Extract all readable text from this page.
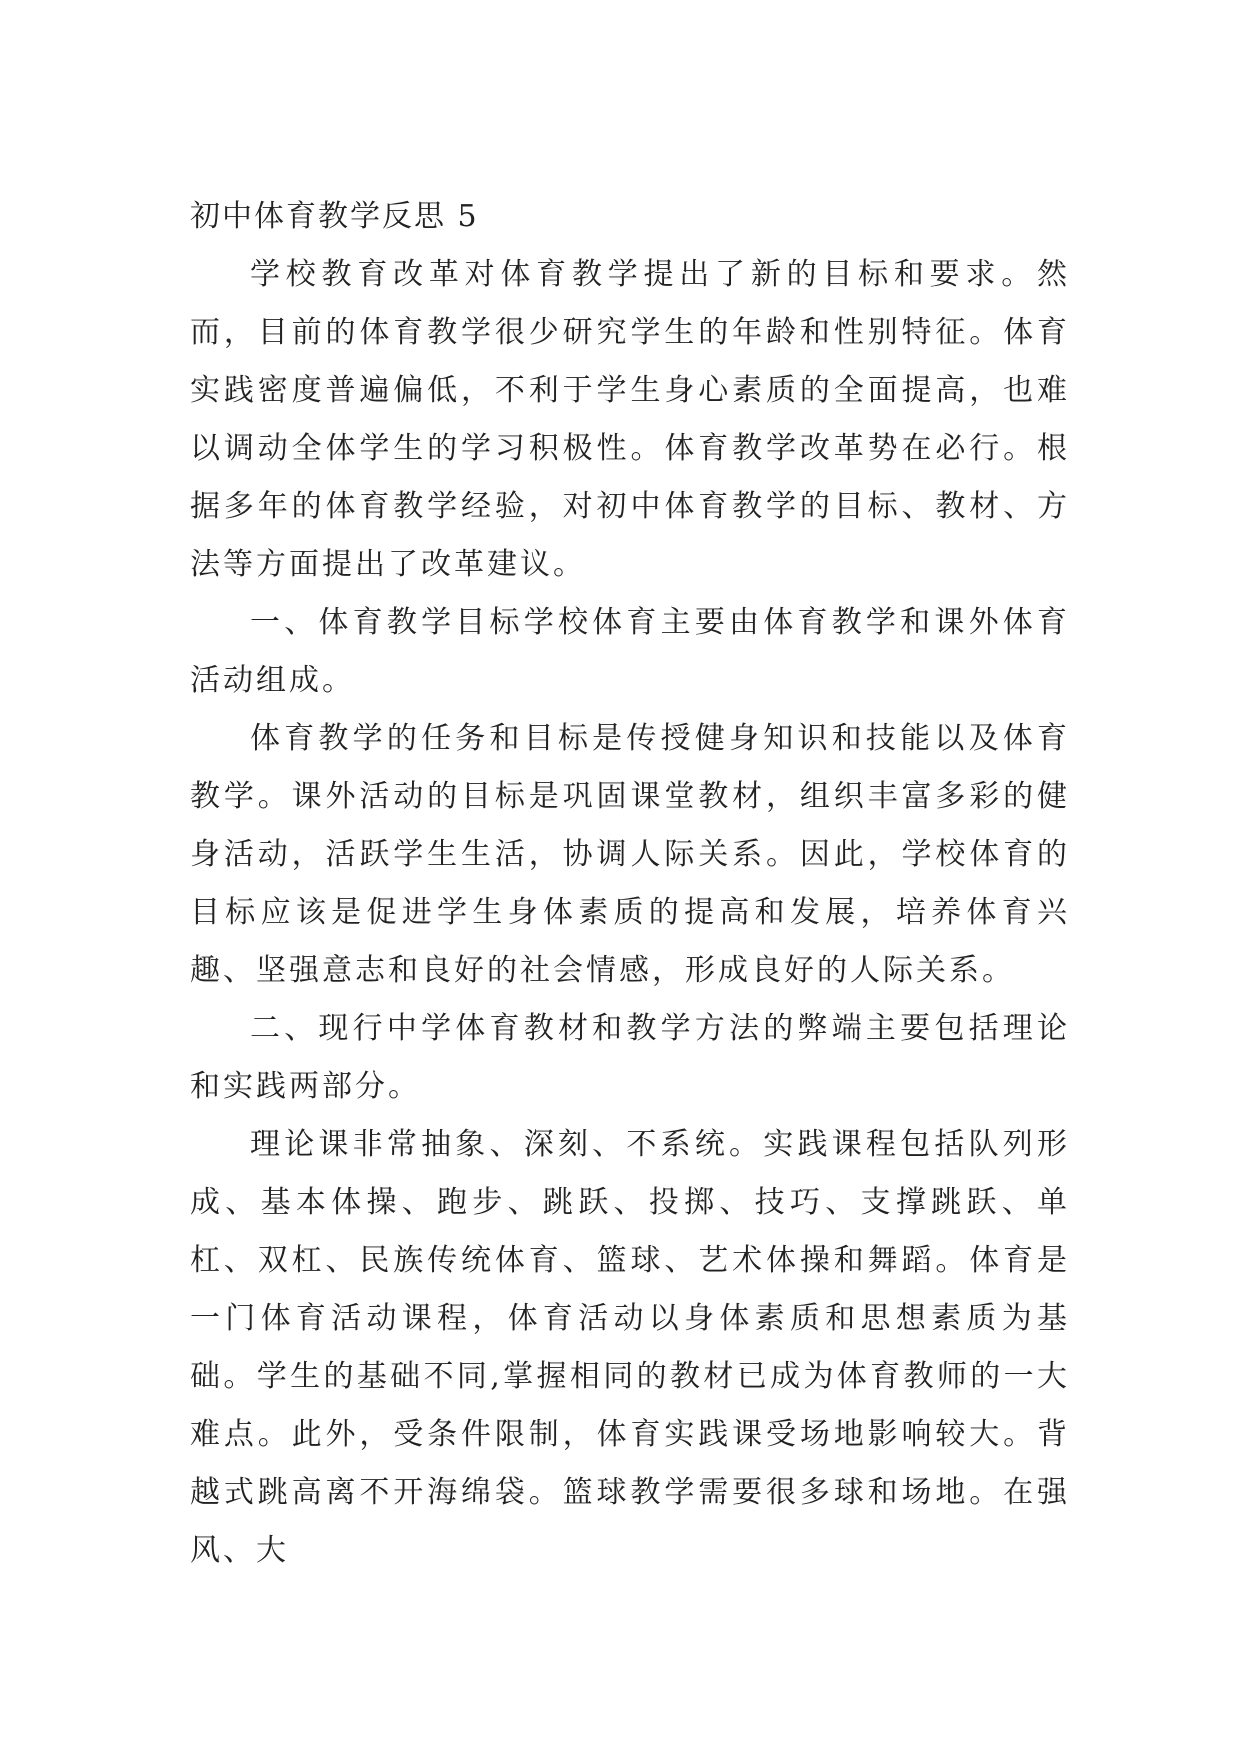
初中体育教学反思 5

学校教育改革对体育教学提出了新的目标和要求。然而，目前的体育教学很少研究学生的年龄和性别特征。体育实践密度普遍偏低，不利于学生身心素质的全面提高，也难以调动全体学生的学习积极性。体育教学改革势在必行。根据多年的体育教学经验，对初中体育教学的目标、教材、方法等方面提出了改革建议。

一、体育教学目标学校体育主要由体育教学和课外体育活动组成。

体育教学的任务和目标是传授健身知识和技能以及体育教学。课外活动的目标是巩固课堂教材，组织丰富多彩的健身活动，活跃学生生活，协调人际关系。因此，学校体育的目标应该是促进学生身体素质的提高和发展，培养体育兴趣、坚强意志和良好的社会情感，形成良好的人际关系。

二、现行中学体育教材和教学方法的弊端主要包括理论和实践两部分。

理论课非常抽象、深刻、不系统。实践课程包括队列形成、基本体操、跑步、跳跃、投掷、技巧、支撑跳跃、单杠、双杠、民族传统体育、篮球、艺术体操和舞蹈。体育是一门体育活动课程，体育活动以身体素质和思想素质为基础。学生的基础不同,掌握相同的教材已成为体育教师的一大难点。此外，受条件限制，体育实践课受场地影响较大。背越式跳高离不开海绵袋。篮球教学需要很多球和场地。在强风、大
